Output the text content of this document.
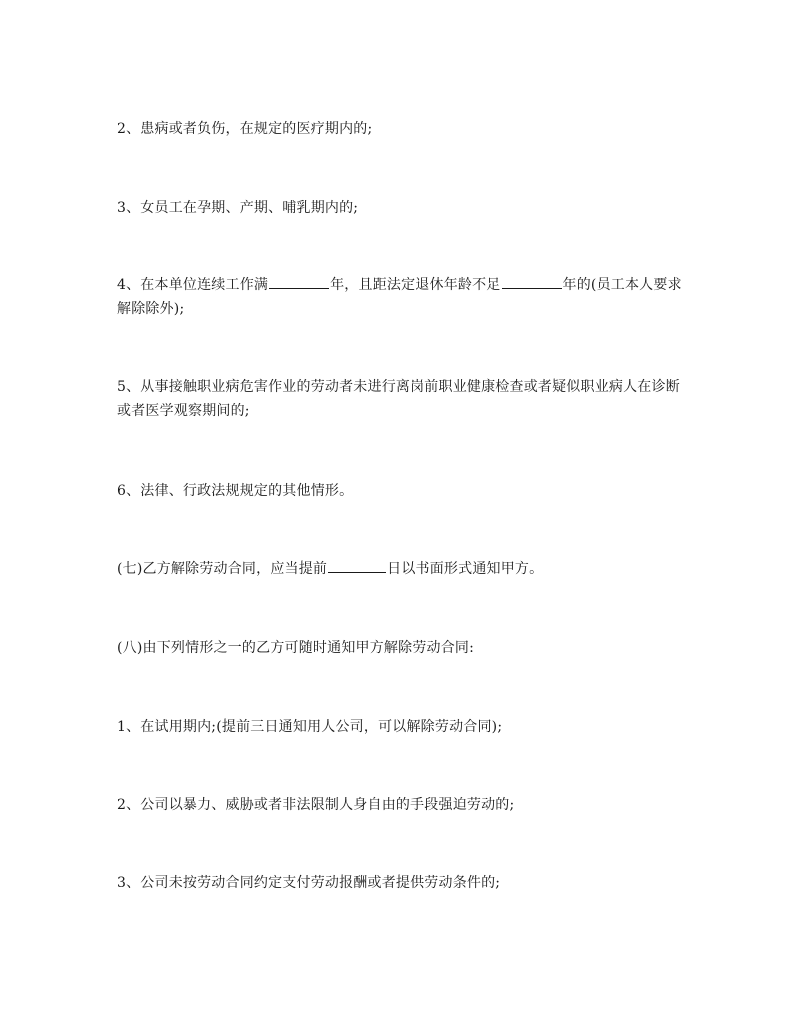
2、患病或者负伤，在规定的医疗期内的;
3、女员工在孕期、产期、哺乳期内的;
4、在本单位连续工作满	年，且距法定退休年龄不足	年的(员工本人要求解除除外);
5、从事接触职业病危害作业的劳动者未进行离岗前职业健康检查或者疑似职业病人在诊断或者医学观察期间的;
6、法律、行政法规规定的其他情形。
(七)乙方解除劳动合同，应当提前	日以书面形式通知甲方。
(八)由下列情形之一的乙方可随时通知甲方解除劳动合同:
1、在试用期内;(提前三日通知用人公司，可以解除劳动合同);
2、公司以暴力、威胁或者非法限制人身自由的手段强迫劳动的;
3、公司未按劳动合同约定支付劳动报酬或者提供劳动条件的;
